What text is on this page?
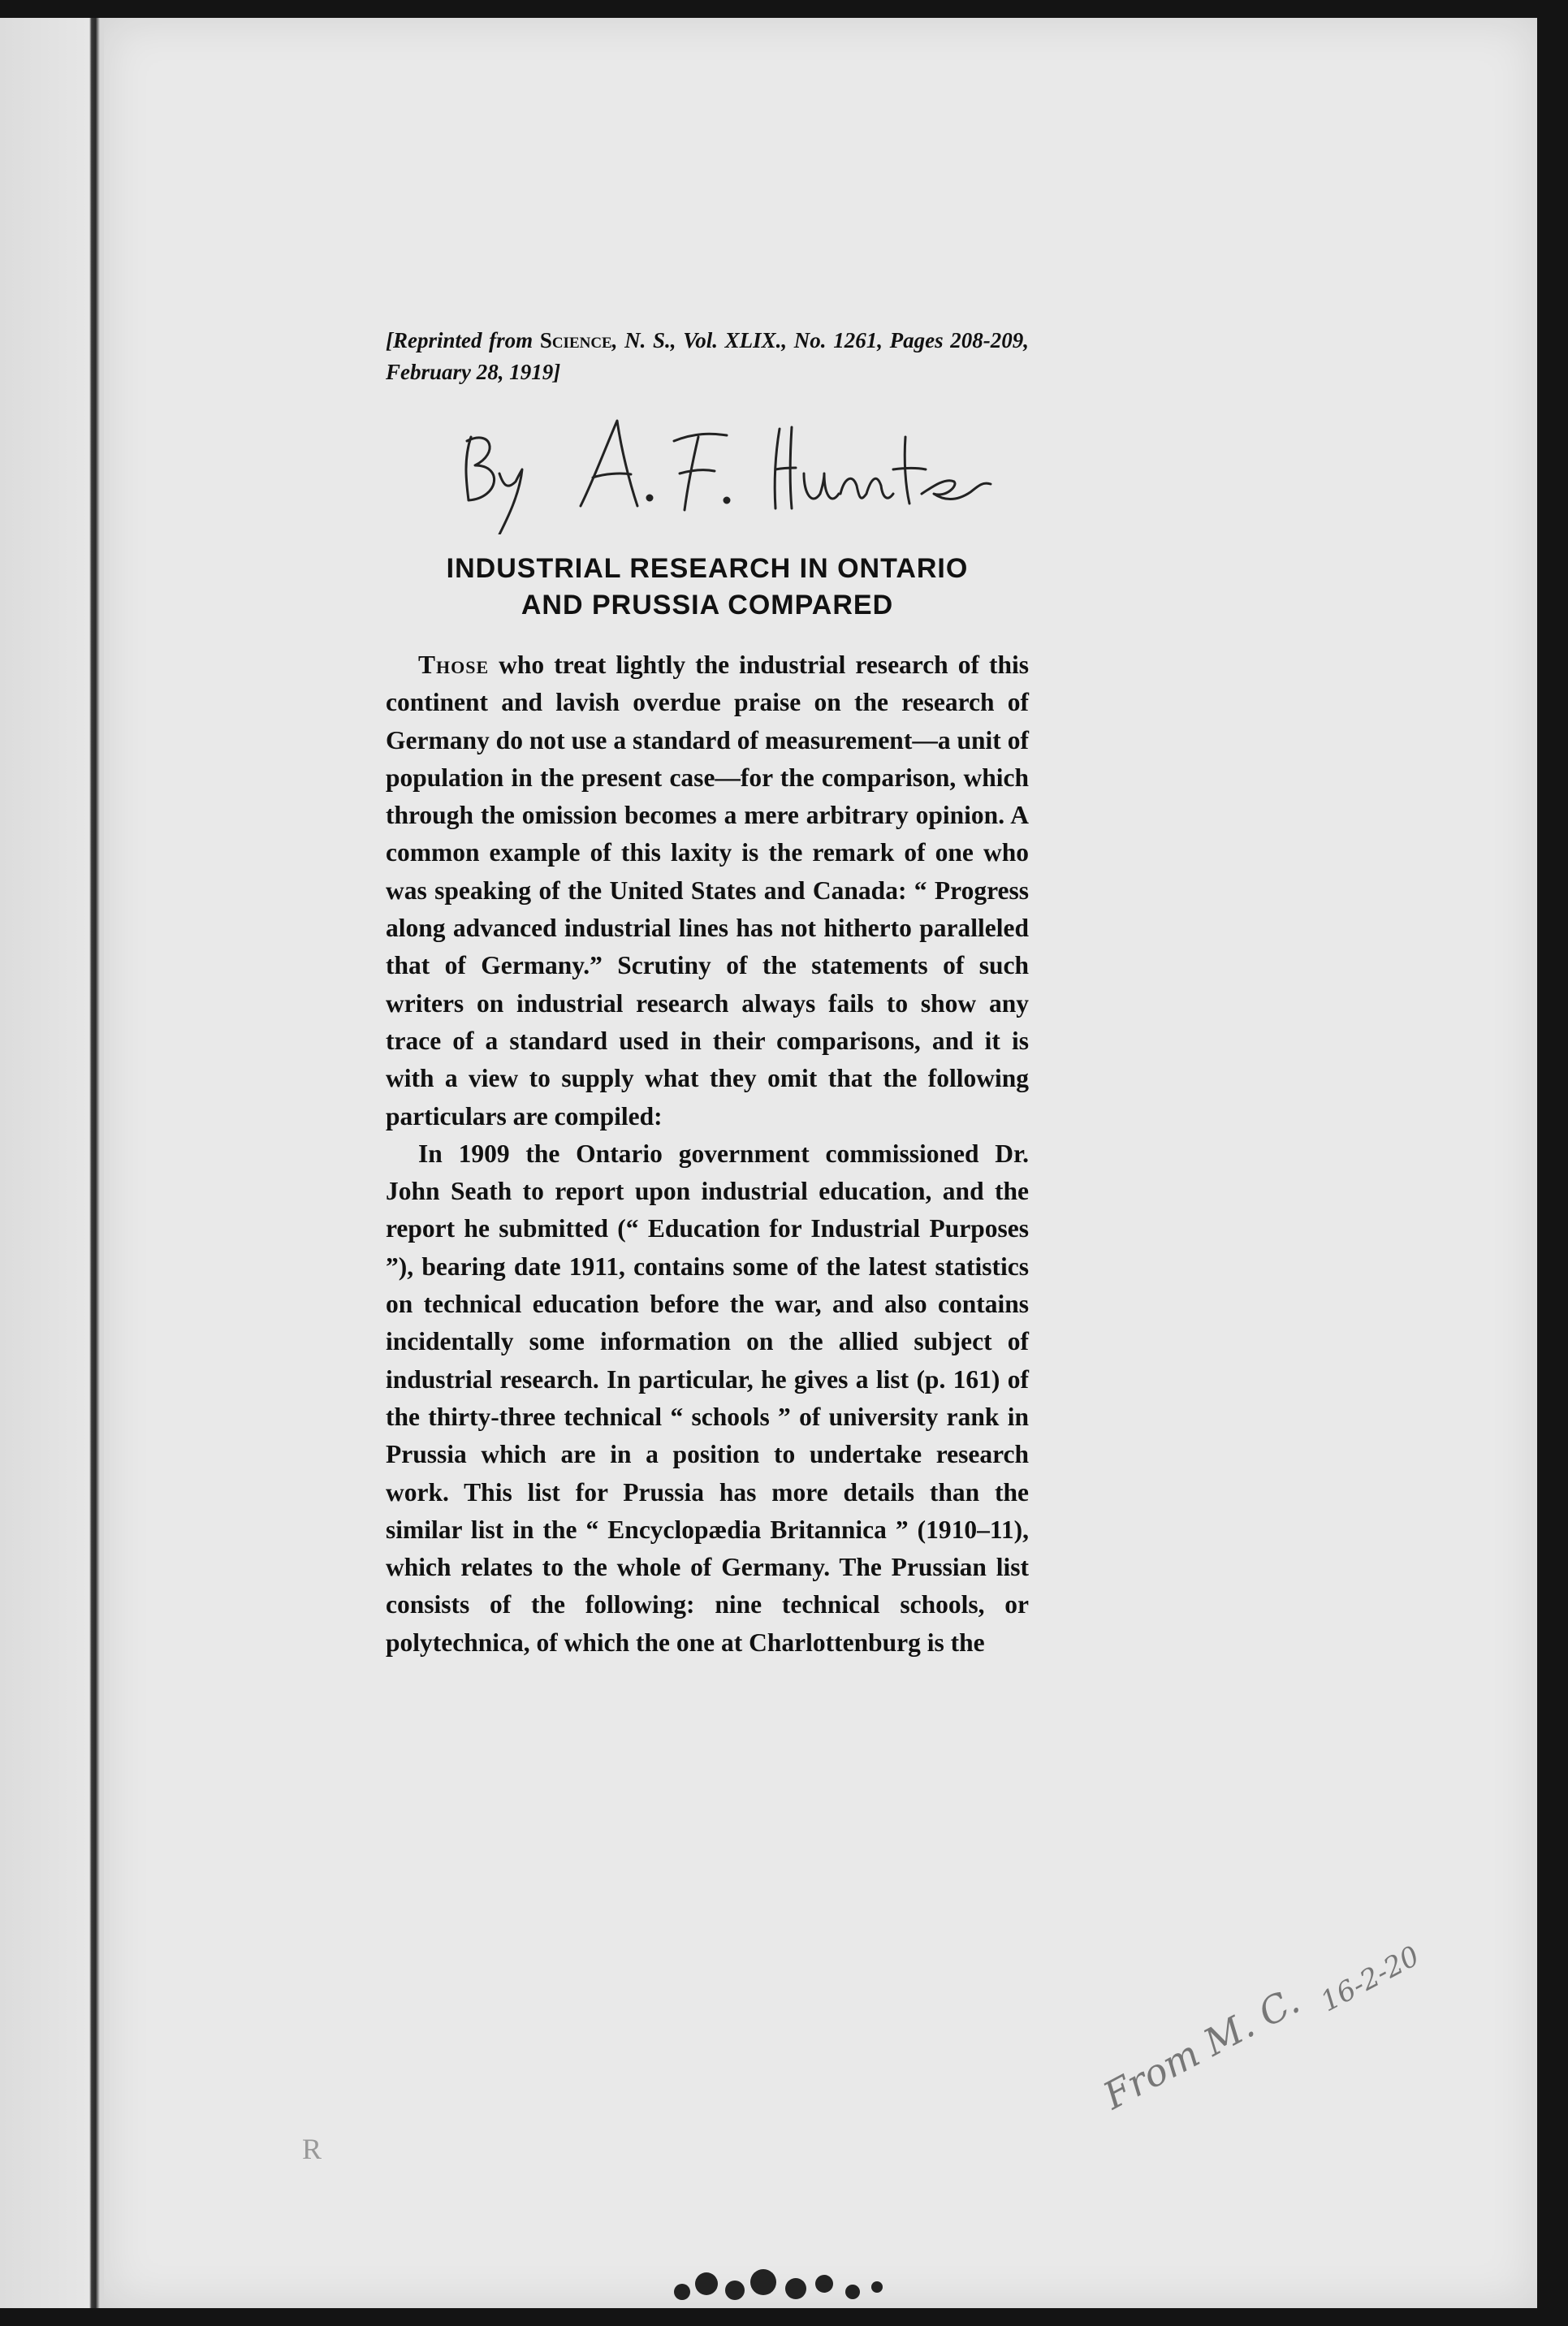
[Reprinted from Science, N. S., Vol. XLIX., No. 1261, Pages 208-209, February 28, 1919]

INDUSTRIAL RESEARCH IN ONTARIO
AND PRUSSIA COMPARED

Those who treat lightly the industrial research of this continent and lavish overdue praise on the research of Germany do not use a standard of measurement—a unit of population in the present case—for the comparison, which through the omission becomes a mere arbitrary opinion. A common example of this laxity is the remark of one who was speaking of the United States and Canada: “ Progress along advanced industrial lines has not hitherto paralleled that of Germany.” Scrutiny of the statements of such writers on industrial research always fails to show any trace of a standard used in their comparisons, and it is with a view to supply what they omit that the following particulars are compiled:

In 1909 the Ontario government commissioned Dr. John Seath to report upon industrial education, and the report he submitted (“ Education for Industrial Purposes ”), bearing date 1911, contains some of the latest statistics on technical education before the war, and also contains incidentally some information on the allied subject of industrial research. In particular, he gives a list (p. 161) of the thirty-three technical “ schools ” of university rank in Prussia which are in a position to undertake research work. This list for Prussia has more details than the similar list in the “ Encyclopædia Britannica ” (1910–11), which relates to the whole of Germany. The Prussian list consists of the following: nine technical schools, or polytechnica, of which the one at Charlottenburg is the

From M. C. 16-2-20
R
